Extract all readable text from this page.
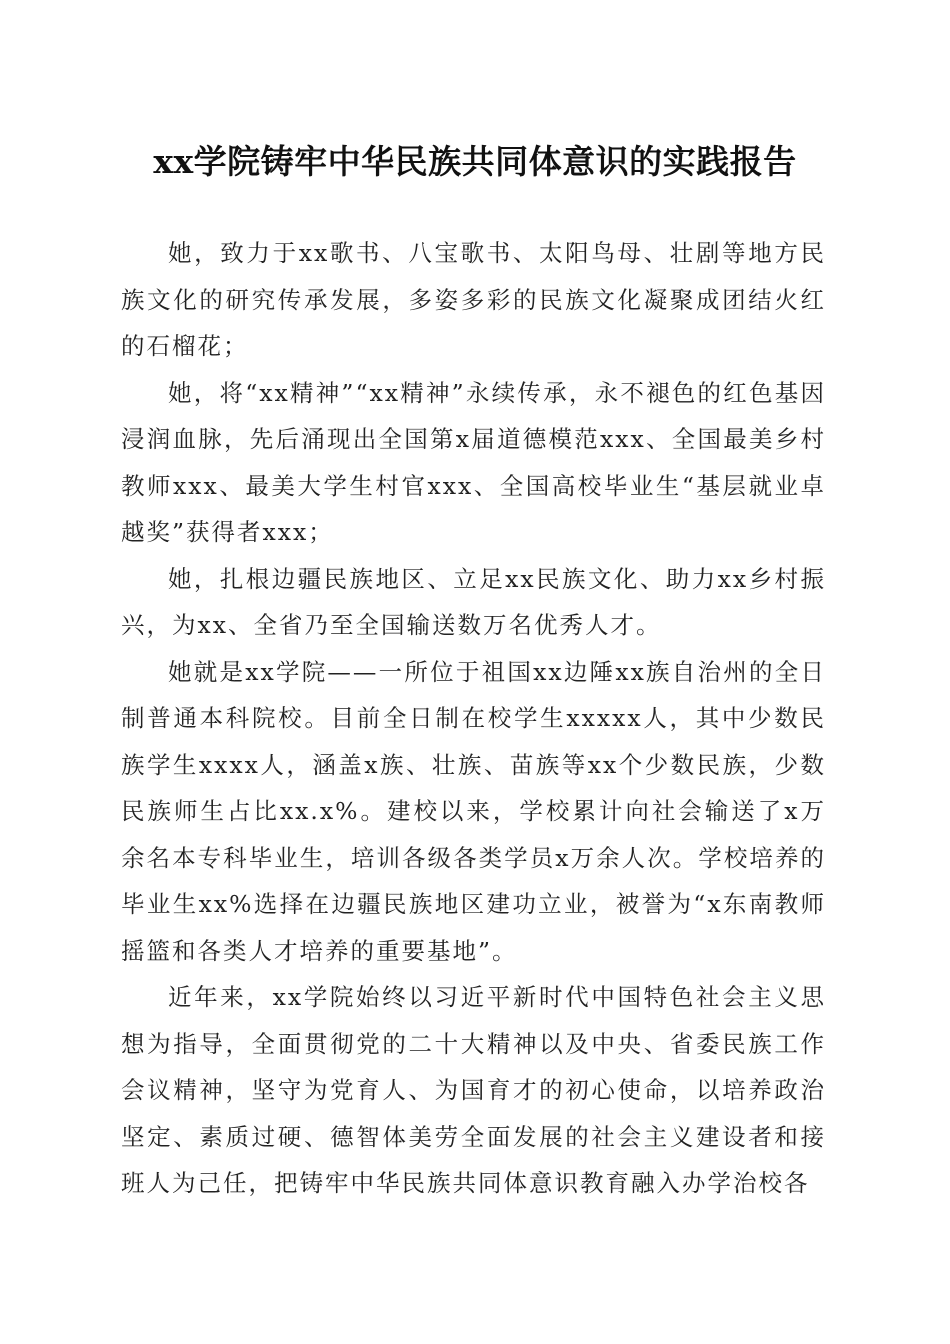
xx学院铸牢中华民族共同体意识的实践报告

她，致力于xx歌书、八宝歌书、太阳鸟母、壮剧等地方民族文化的研究传承发展，多姿多彩的民族文化凝聚成团结火红的石榴花；

她，将“xx精神”“xx精神”永续传承，永不褪色的红色基因浸润血脉，先后涌现出全国第x届道德模范xxx、全国最美乡村教师xxx、最美大学生村官xxx、全国高校毕业生“基层就业卓越奖”获得者xxx；

她，扎根边疆民族地区、立足xx民族文化、助力xx乡村振兴，为xx、全省乃至全国输送数万名优秀人才。

她就是xx学院——一所位于祖国xx边陲xx族自治州的全日制普通本科院校。目前全日制在校学生xxxxx人，其中少数民族学生xxxx人，涵盖x族、壮族、苗族等xx个少数民族，少数民族师生占比xx.x%。建校以来，学校累计向社会输送了x万余名本专科毕业生，培训各级各类学员x万余人次。学校培养的毕业生xx%选择在边疆民族地区建功立业，被誉为“x东南教师摇篮和各类人才培养的重要基地”。

近年来，xx学院始终以习近平新时代中国特色社会主义思想为指导，全面贯彻党的二十大精神以及中央、省委民族工作会议精神，坚守为党育人、为国育才的初心使命，以培养政治坚定、素质过硬、德智体美劳全面发展的社会主义建设者和接班人为己任，把铸牢中华民族共同体意识教育融入办学治校各
